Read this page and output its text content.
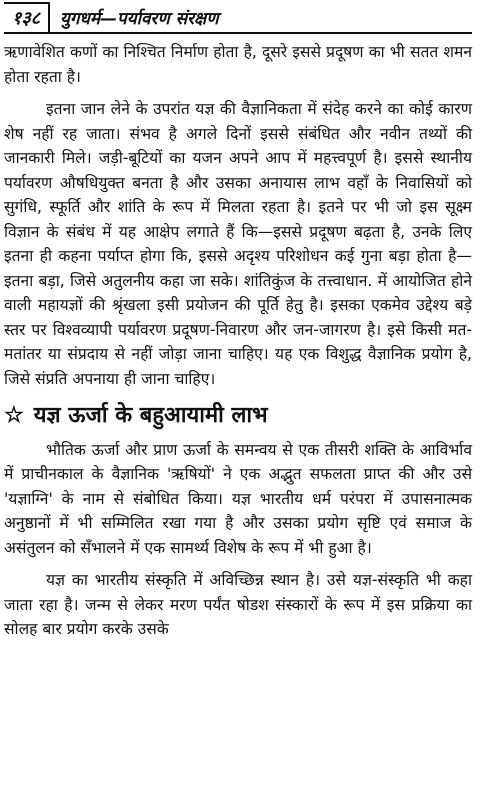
१३८	युगधर्म—पर्यावरण संरक्षण

ऋणावेशित कणों का निश्चित निर्माण होता है, दूसरे इससे प्रदूषण का भी सतत शमन होता रहता है।

इतना जान लेने के उपरांत यज्ञ की वैज्ञानिकता में संदेह करने का कोई कारण शेष नहीं रह जाता। संभव है अगले दिनों इससे संबंधित और नवीन तथ्यों की जानकारी मिले। जड़ी-बूटियों का यजन अपने आप में महत्त्वपूर्ण है। इससे स्थानीय पर्यावरण औषधियुक्त बनता है और उसका अनायास लाभ वहाँ के निवासियों को सुगंधि, स्फूर्ति और शांति के रूप में मिलता रहता है। इतने पर भी जो इस सूक्ष्म विज्ञान के संबंध में यह आक्षेप लगाते हैं कि—इससे प्रदूषण बढ़ता है, उनके लिए इतना ही कहना पर्याप्त होगा कि, इससे अदृश्य परिशोधन कई गुना बड़ा होता है—इतना बड़ा, जिसे अतुलनीय कहा जा सके। शांतिकुंज के तत्त्वाधान. में आयोजित होने वाली महायज्ञों की श्रृंखला इसी प्रयोजन की पूर्ति हेतु है। इसका एकमेव उद्देश्य बड़े स्तर पर विश्वव्यापी पर्यावरण प्रदूषण-निवारण और जन-जागरण है। इसे किसी मत-मतांतर या संप्रदाय से नहीं जोड़ा जाना चाहिए। यह एक विशुद्ध वैज्ञानिक प्रयोग है, जिसे संप्रति अपनाया ही जाना चाहिए।

☆ यज्ञ ऊर्जा के बहुआयामी लाभ

भौतिक ऊर्जा और प्राण ऊर्जा के समन्वय से एक तीसरी शक्ति के आविर्भाव में प्राचीनकाल के वैज्ञानिक 'ऋषियों' ने एक अद्भुत सफलता प्राप्त की और उसे 'यज्ञाग्नि' के नाम से संबोधित किया। यज्ञ भारतीय धर्म परंपरा में उपासनात्मक अनुष्ठानों में भी सम्मिलित रखा गया है और उसका प्रयोग सृष्टि एवं समाज के असंतुलन को सँभालने में एक सामर्थ्य विशेष के रूप में भी हुआ है।

यज्ञ का भारतीय संस्कृति में अविच्छिन्न स्थान है। उसे यज्ञ-संस्कृति भी कहा जाता रहा है। जन्म से लेकर मरण पर्यंत षोडश संस्कारों के रूप में इस प्रक्रिया का सोलह बार प्रयोग करके उसके
